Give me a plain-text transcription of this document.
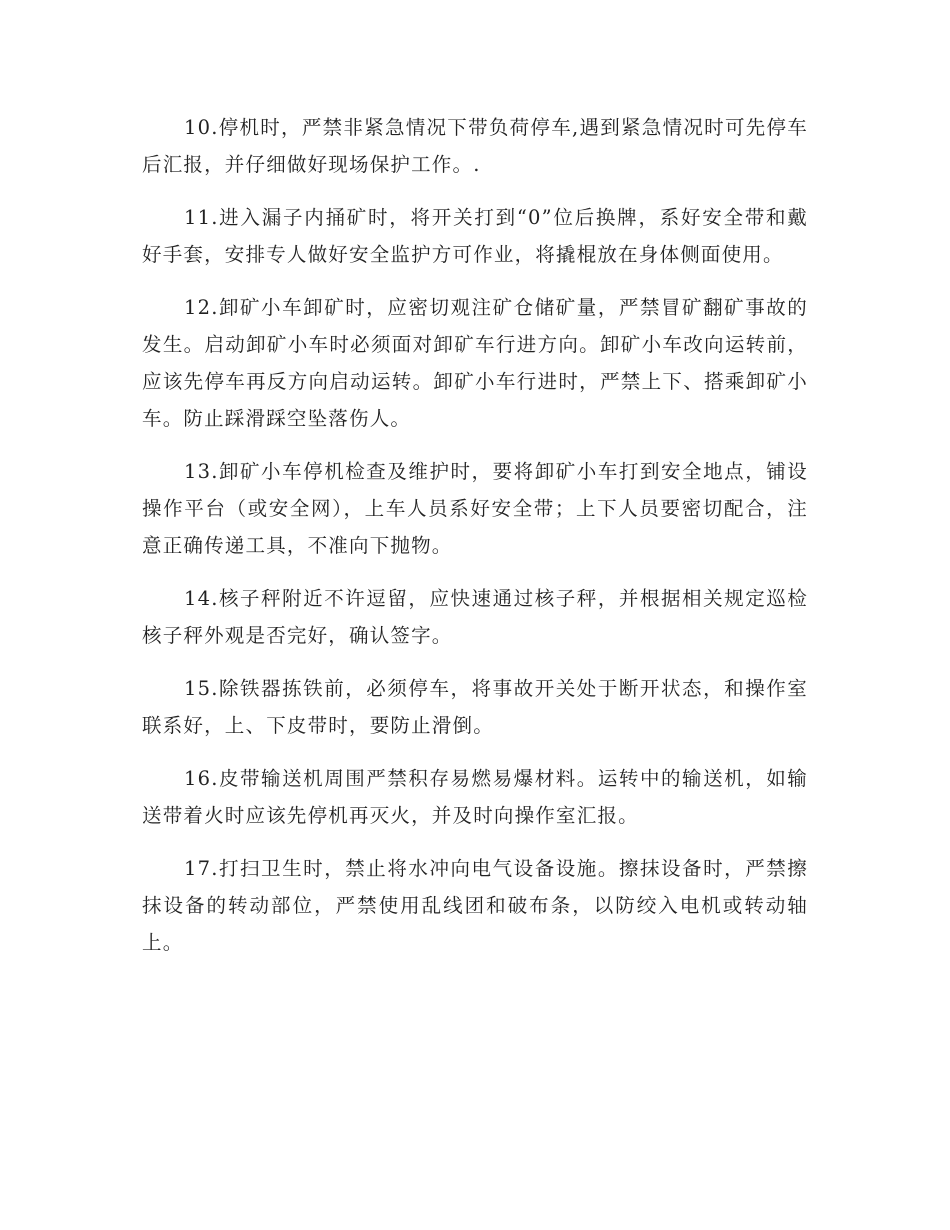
10.停机时，严禁非紧急情况下带负荷停车,遇到紧急情况时可先停车后汇报，并仔细做好现场保护工作。.

11.进入漏子内捅矿时，将开关打到“0”位后换牌，系好安全带和戴好手套，安排专人做好安全监护方可作业，将撬棍放在身体侧面使用。

12.卸矿小车卸矿时，应密切观注矿仓储矿量，严禁冒矿翻矿事故的发生。启动卸矿小车时必须面对卸矿车行进方向。卸矿小车改向运转前，应该先停车再反方向启动运转。卸矿小车行进时，严禁上下、搭乘卸矿小车。防止踩滑踩空坠落伤人。

13.卸矿小车停机检查及维护时，要将卸矿小车打到安全地点，铺设操作平台（或安全网），上车人员系好安全带；上下人员要密切配合，注意正确传递工具，不准向下抛物。

14.核子秤附近不许逗留，应快速通过核子秤，并根据相关规定巡检核子秤外观是否完好，确认签字。

15.除铁器拣铁前，必须停车，将事故开关处于断开状态，和操作室联系好，上、下皮带时，要防止滑倒。

16.皮带输送机周围严禁积存易燃易爆材料。运转中的输送机，如输送带着火时应该先停机再灭火，并及时向操作室汇报。

17.打扫卫生时，禁止将水冲向电气设备设施。擦抹设备时，严禁擦抹设备的转动部位，严禁使用乱线团和破布条，以防绞入电机或转动轴上。
